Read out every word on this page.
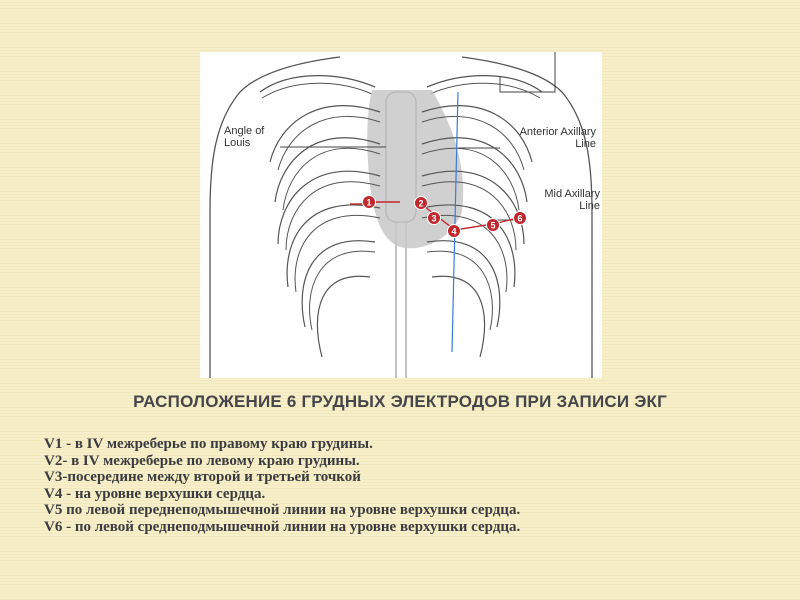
1	2
3
4
5
6
Angle of
Louis
Anterior Axillary
Line
Mid Axillary
Line
РАСПОЛОЖЕНИЕ 6 ГРУДНЫХ ЭЛЕКТРОДОВ ПРИ ЗАПИСИ ЭКГ
V1 - в IV межреберье по правому краю грудины.
V2- в IV межреберье по левому краю грудины.
V3-посередине между второй и третьей точкой
V4 - на уровне верхушки сердца.
V5 по левой переднеподмышечной линии на уровне верхушки сердца.
V6 - по левой среднеподмышечной линии на уровне верхушки сердца.
